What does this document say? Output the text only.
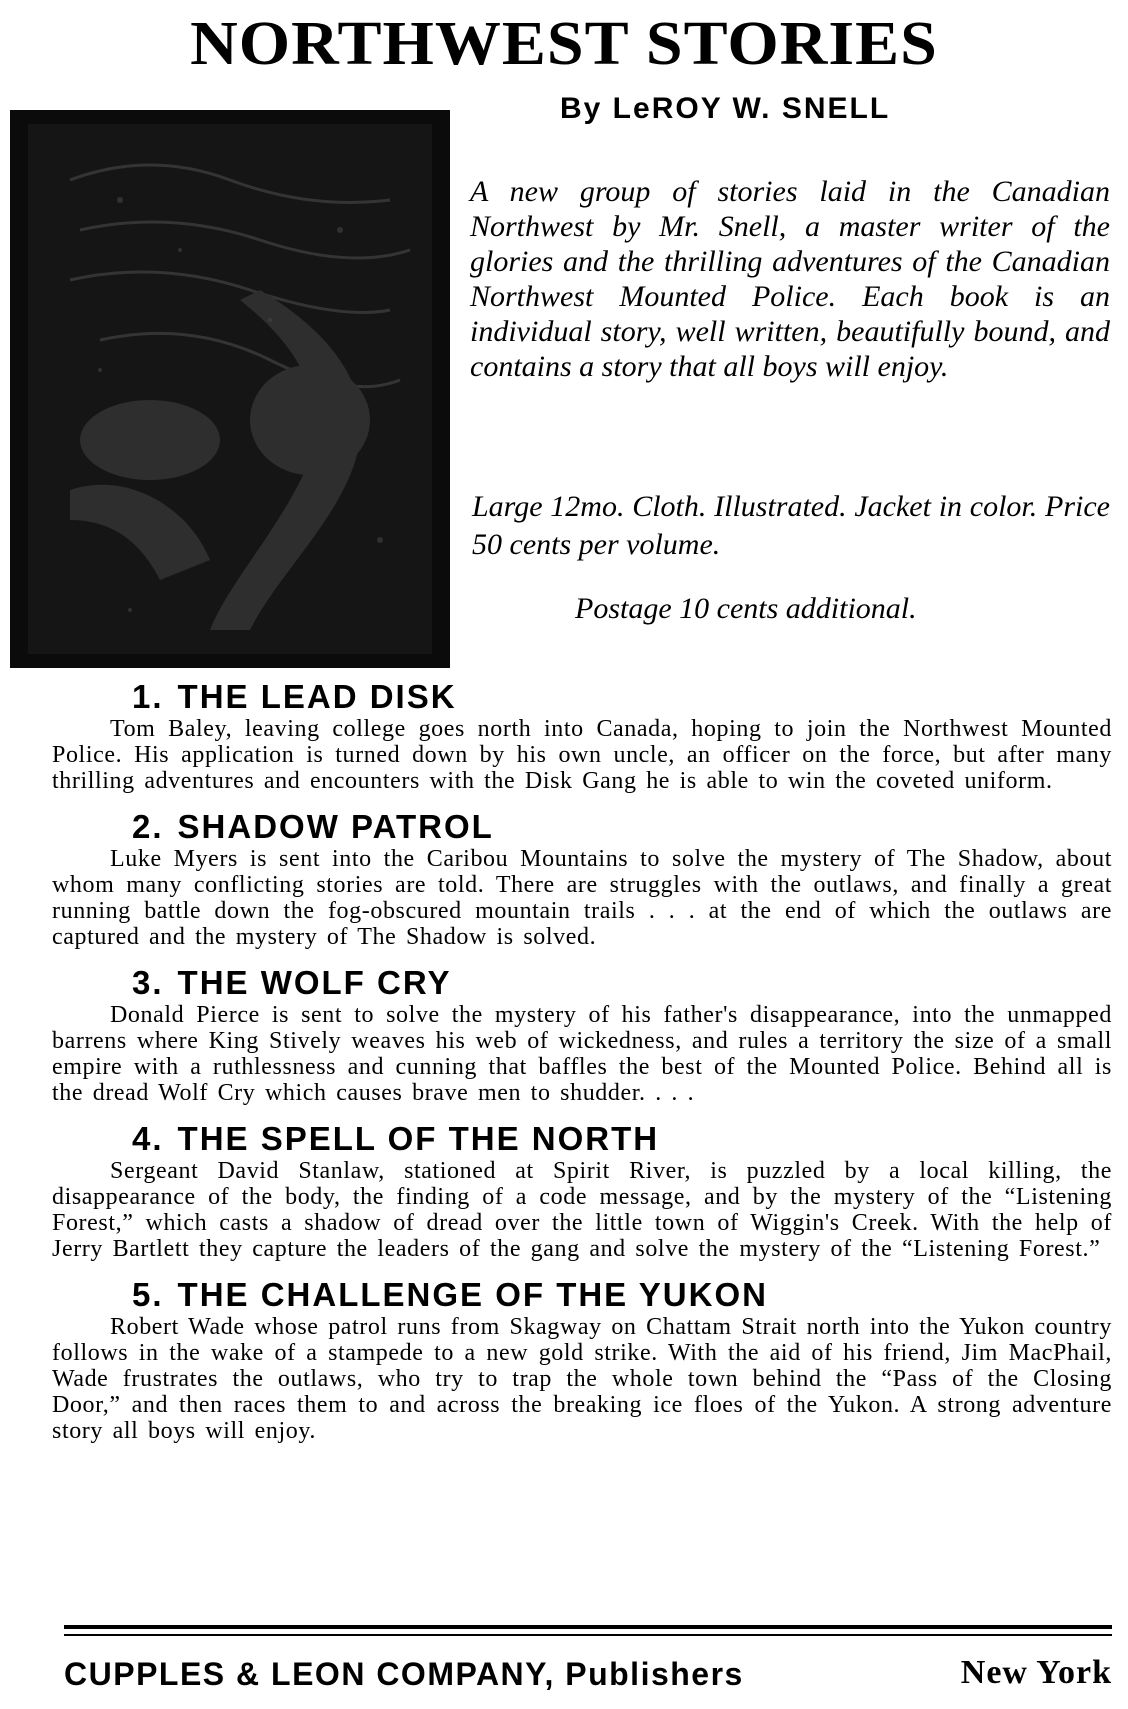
NORTHWEST STORIES
By LeROY W. SNELL
A new group of stories laid in the Canadian Northwest by Mr. Snell, a master writer of the glories and the thrilling adventures of the Canadian Northwest Mounted Police. Each book is an individual story, well written, beautifully bound, and contains a story that all boys will enjoy.
Large 12mo. Cloth. Illustrated. Jacket in color. Price 50 cents per volume.
Postage 10 cents additional.
1. THE LEAD DISK
Tom Baley, leaving college goes north into Canada, hoping to join the Northwest Mounted Police. His application is turned down by his own uncle, an officer on the force, but after many thrilling adventures and encounters with the Disk Gang he is able to win the coveted uniform.
2. SHADOW PATROL
Luke Myers is sent into the Caribou Mountains to solve the mystery of The Shadow, about whom many conflicting stories are told. There are struggles with the outlaws, and finally a great running battle down the fog-obscured mountain trails . . . at the end of which the outlaws are captured and the mystery of The Shadow is solved.
3. THE WOLF CRY
Donald Pierce is sent to solve the mystery of his father's disappearance, into the unmapped barrens where King Stively weaves his web of wickedness, and rules a territory the size of a small empire with a ruthlessness and cunning that baffles the best of the Mounted Police. Behind all is the dread Wolf Cry which causes brave men to shudder. . . .
4. THE SPELL OF THE NORTH
Sergeant David Stanlaw, stationed at Spirit River, is puzzled by a local killing, the disappearance of the body, the finding of a code message, and by the mystery of the “Listening Forest,” which casts a shadow of dread over the little town of Wiggin's Creek. With the help of Jerry Bartlett they capture the leaders of the gang and solve the mystery of the “Listening Forest.”
5. THE CHALLENGE OF THE YUKON
Robert Wade whose patrol runs from Skagway on Chattam Strait north into the Yukon country follows in the wake of a stampede to a new gold strike. With the aid of his friend, Jim MacPhail, Wade frustrates the outlaws, who try to trap the whole town behind the “Pass of the Closing Door,” and then races them to and across the breaking ice floes of the Yukon. A strong adventure story all boys will enjoy.
CUPPLES & LEON COMPANY, Publishers	New York
